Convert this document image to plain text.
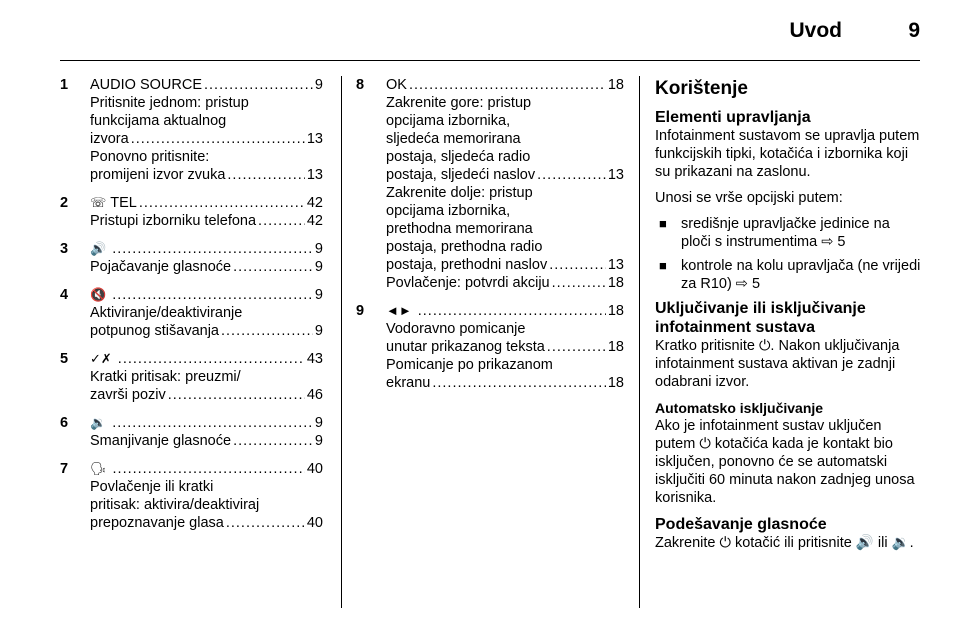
Uvod	9
1	AUDIO SOURCE .....	9
Pritisnite jednom: pristup
funkcijama aktualnog
izvora .....	13
Ponovno pritisnite:
promijeni izvor zvuka .....	13
2	☏ TEL .....	42
Pristupi izborniku telefona .....	42
3	🔊 .....	9
Pojačavanje glasnoće .....	9
4	🔇 .....	9
Aktiviranje/deaktiviranje
potpunog stišavanja .....	9
5	✓✗ .....	43
Kratki pritisak: preuzmi/
završi poziv .....	46
6	🔉 .....	9
Smanjivanje glasnoće .....	9
7	🗣 .....	40
Povlačenje ili kratki
pritisak: aktivira/deaktiviraj
prepoznavanje glasa .....	40
8	OK .....	18
Zakrenite gore: pristup
opcijama izbornika,
sljedeća memorirana
postaja, sljedeća radio
postaja, sljedeći naslov .....	13
Zakrenite dolje: pristup
opcijama izbornika,
prethodna memorirana
postaja, prethodna radio
postaja, prethodni naslov .....	13
Povlačenje: potvrdi akciju .....	18
9	◄► .....	18
Vodoravno pomicanje
unutar prikazanog teksta .....	18
Pomicanje po prikazanom
ekranu .....	18
Korištenje
Elementi upravljanja
Infotainment sustavom se upravlja putem funkcijskih tipki, kotačića i izbornika koji su prikazani na zaslonu.
Unosi se vrše opcijski putem:
■ središnje upravljačke jedinice na ploči s instrumentima ⇨ 5
■ kontrole na kolu upravljača (ne vrijedi za R10) ⇨ 5
Uključivanje ili isključivanje infotainment sustava
Kratko pritisnite ⏻. Nakon uključivanja infotainment sustava aktivan je zadnji odabrani izvor.
Automatsko isključivanje
Ako je infotainment sustav uključen putem ⏻ kotačića kada je kontakt bio isključen, ponovno će se automatski isključiti 60 minuta nakon zadnjeg unosa korisnika.
Podešavanje glasnoće
Zakrenite ⏻ kotačić ili pritisnite 🔊 ili 🔉.
